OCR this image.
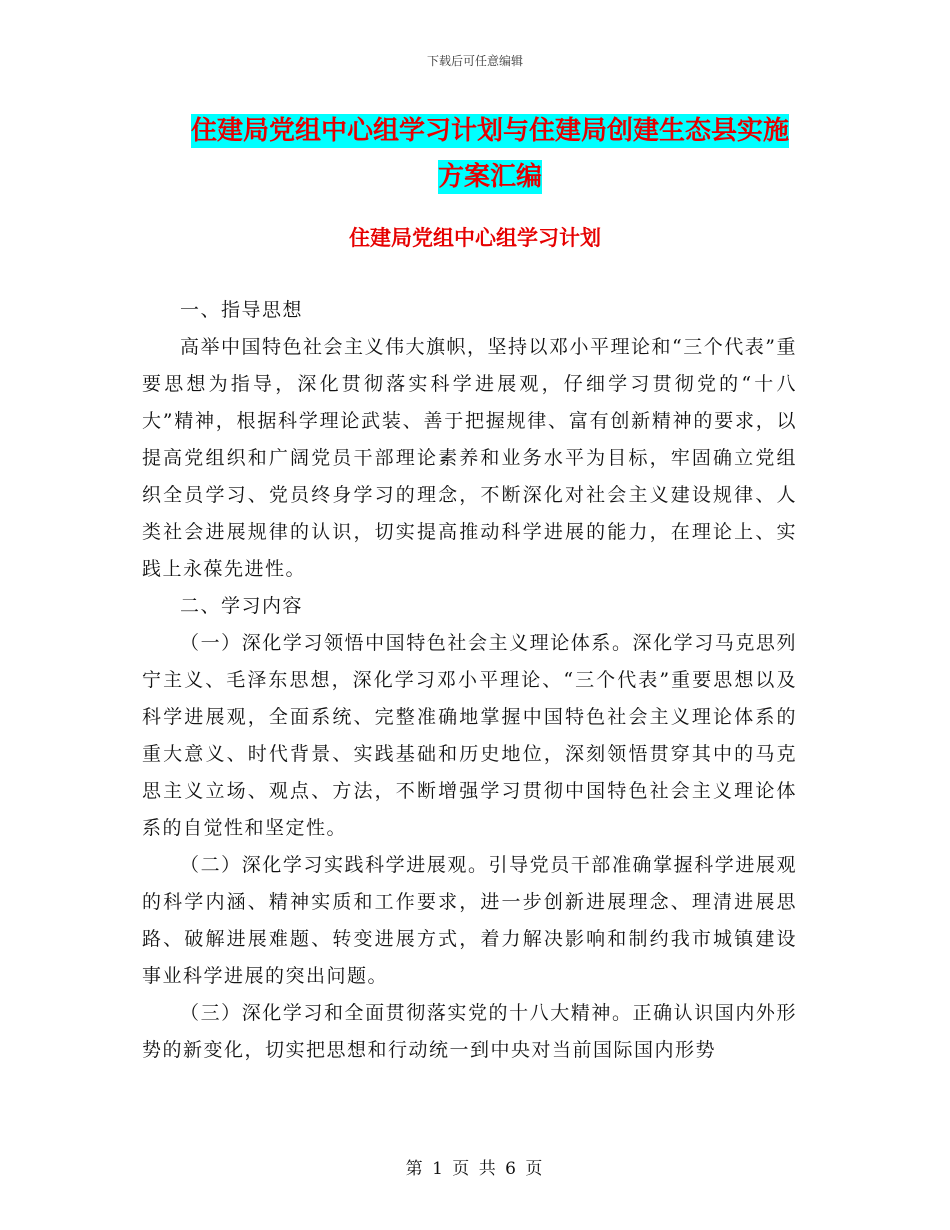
下载后可任意编辑
住建局党组中心组学习计划与住建局创建生态县实施
方案汇编
住建局党组中心组学习计划

一、指导思想

高举中国特色社会主义伟大旗帜，坚持以邓小平理论和“三个代表”重要思想为指导，深化贯彻落实科学进展观，仔细学习贯彻党的“十八大”精神，根据科学理论武装、善于把握规律、富有创新精神的要求，以提高党组织和广阔党员干部理论素养和业务水平为目标，牢固确立党组织全员学习、党员终身学习的理念，不断深化对社会主义建设规律、人类社会进展规律的认识，切实提高推动科学进展的能力，在理论上、实践上永葆先进性。

二、学习内容

（一）深化学习领悟中国特色社会主义理论体系。深化学习马克思列宁主义、毛泽东思想，深化学习邓小平理论、“三个代表”重要思想以及科学进展观，全面系统、完整准确地掌握中国特色社会主义理论体系的重大意义、时代背景、实践基础和历史地位，深刻领悟贯穿其中的马克思主义立场、观点、方法，不断增强学习贯彻中国特色社会主义理论体系的自觉性和坚定性。

（二）深化学习实践科学进展观。引导党员干部准确掌握科学进展观的科学内涵、精神实质和工作要求，进一步创新进展理念、理清进展思路、破解进展难题、转变进展方式，着力解决影响和制约我市城镇建设事业科学进展的突出问题。

（三）深化学习和全面贯彻落实党的十八大精神。正确认识国内外形势的新变化，切实把思想和行动统一到中央对当前国际国内形势

第 1 页 共 6 页
